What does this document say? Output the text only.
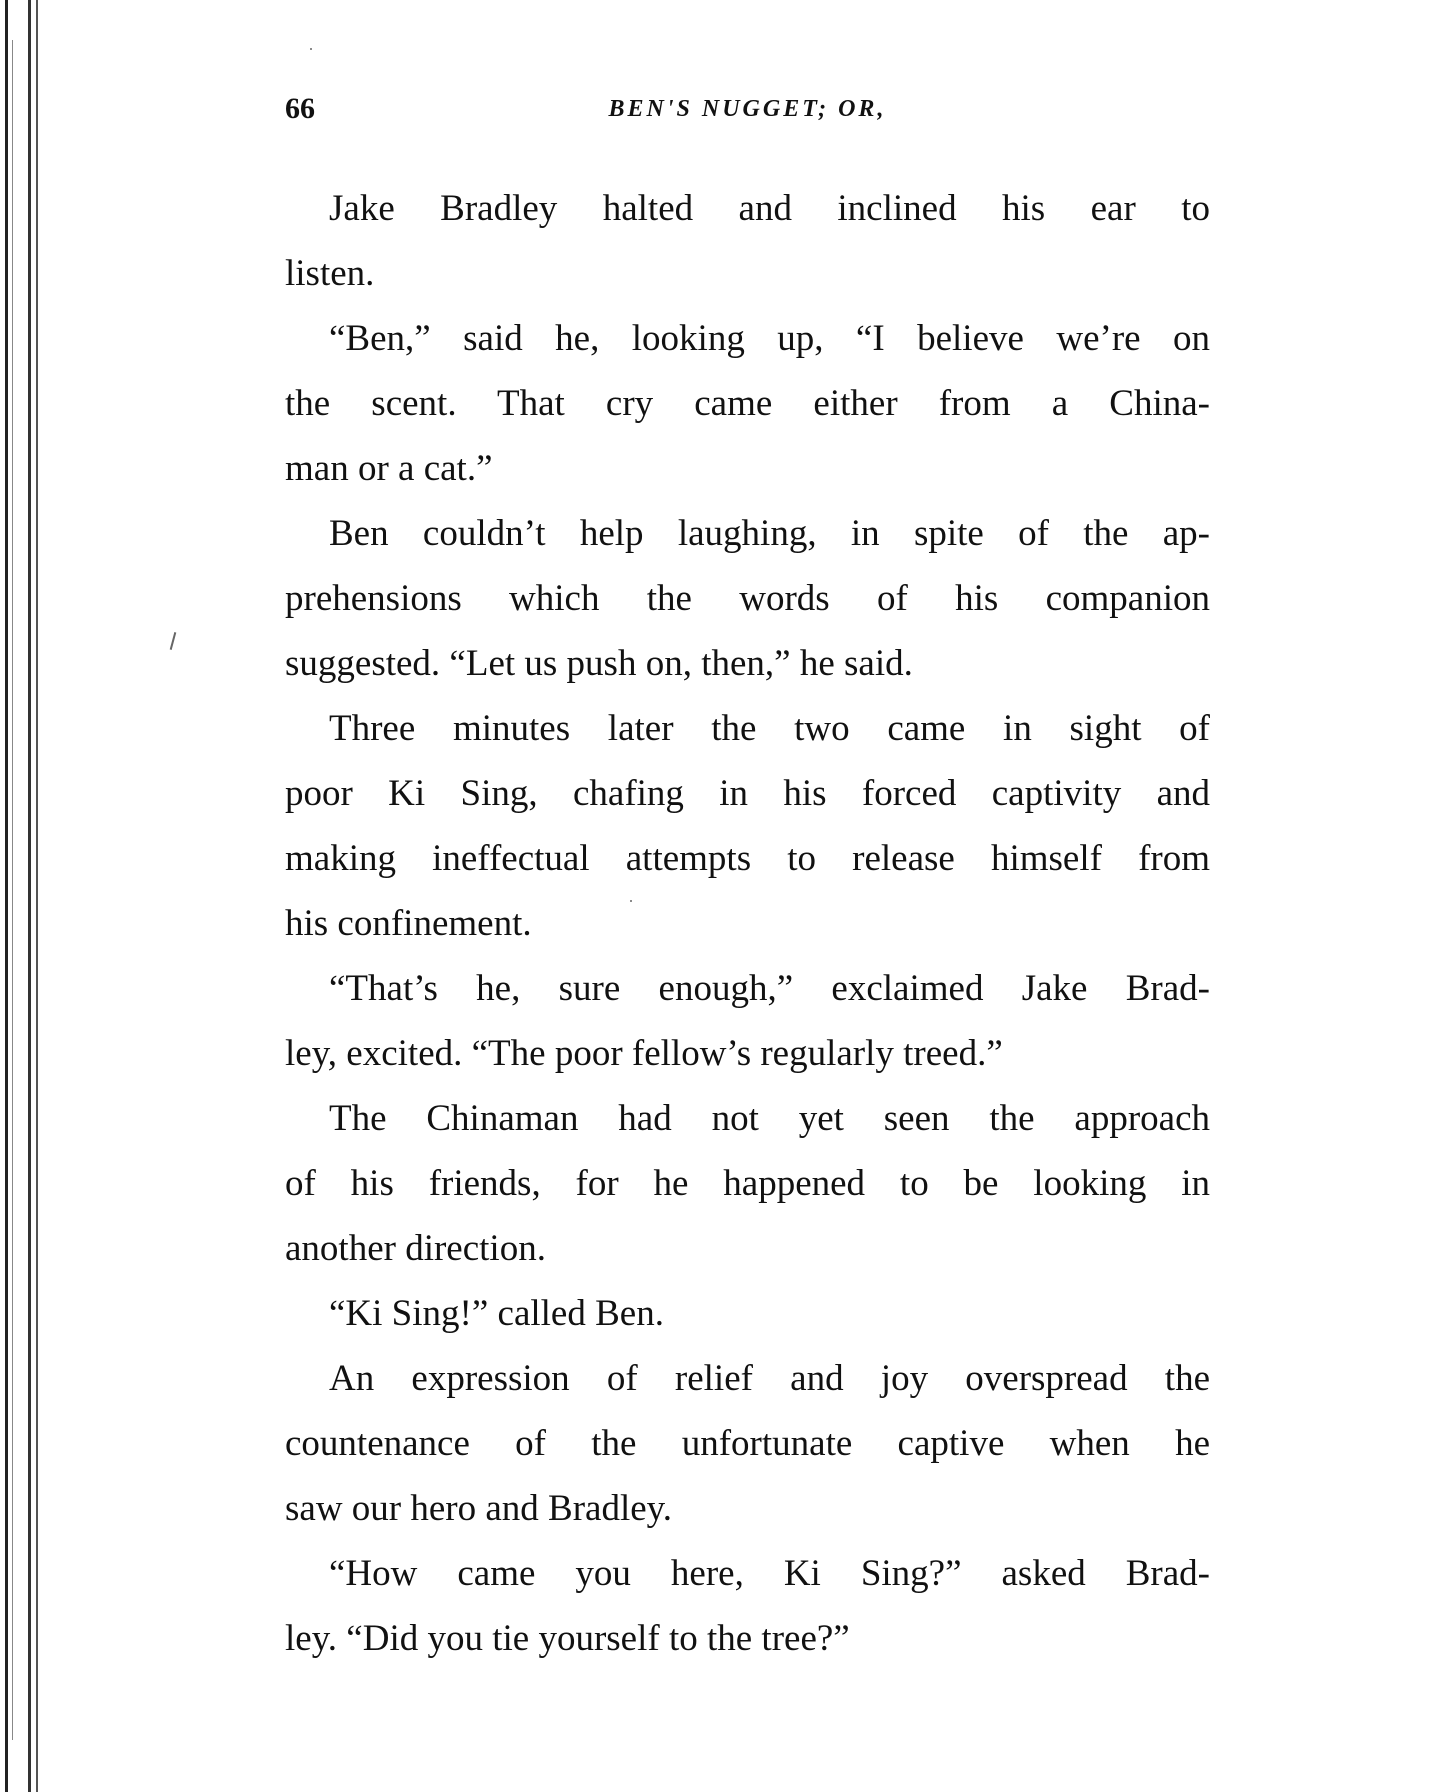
66	BEN'S NUGGET; OR,
Jake Bradley halted and inclined his ear to
listen.
“Ben,” said he, looking up, “I believe we’re on
the scent. That cry came either from a China-
man or a cat.”
Ben couldn’t help laughing, in spite of the ap-
prehensions which the words of his companion
suggested. “Let us push on, then,” he said.
Three minutes later the two came in sight of
poor Ki Sing, chafing in his forced captivity and
making ineffectual attempts to release himself from
his confinement.
“That’s he, sure enough,” exclaimed Jake Brad-
ley, excited. “The poor fellow’s regularly treed.”
The Chinaman had not yet seen the approach
of his friends, for he happened to be looking in
another direction.
“Ki Sing!” called Ben.
An expression of relief and joy overspread the
countenance of the unfortunate captive when he
saw our hero and Bradley.
“How came you here, Ki Sing?” asked Brad-
ley. “Did you tie yourself to the tree?”
